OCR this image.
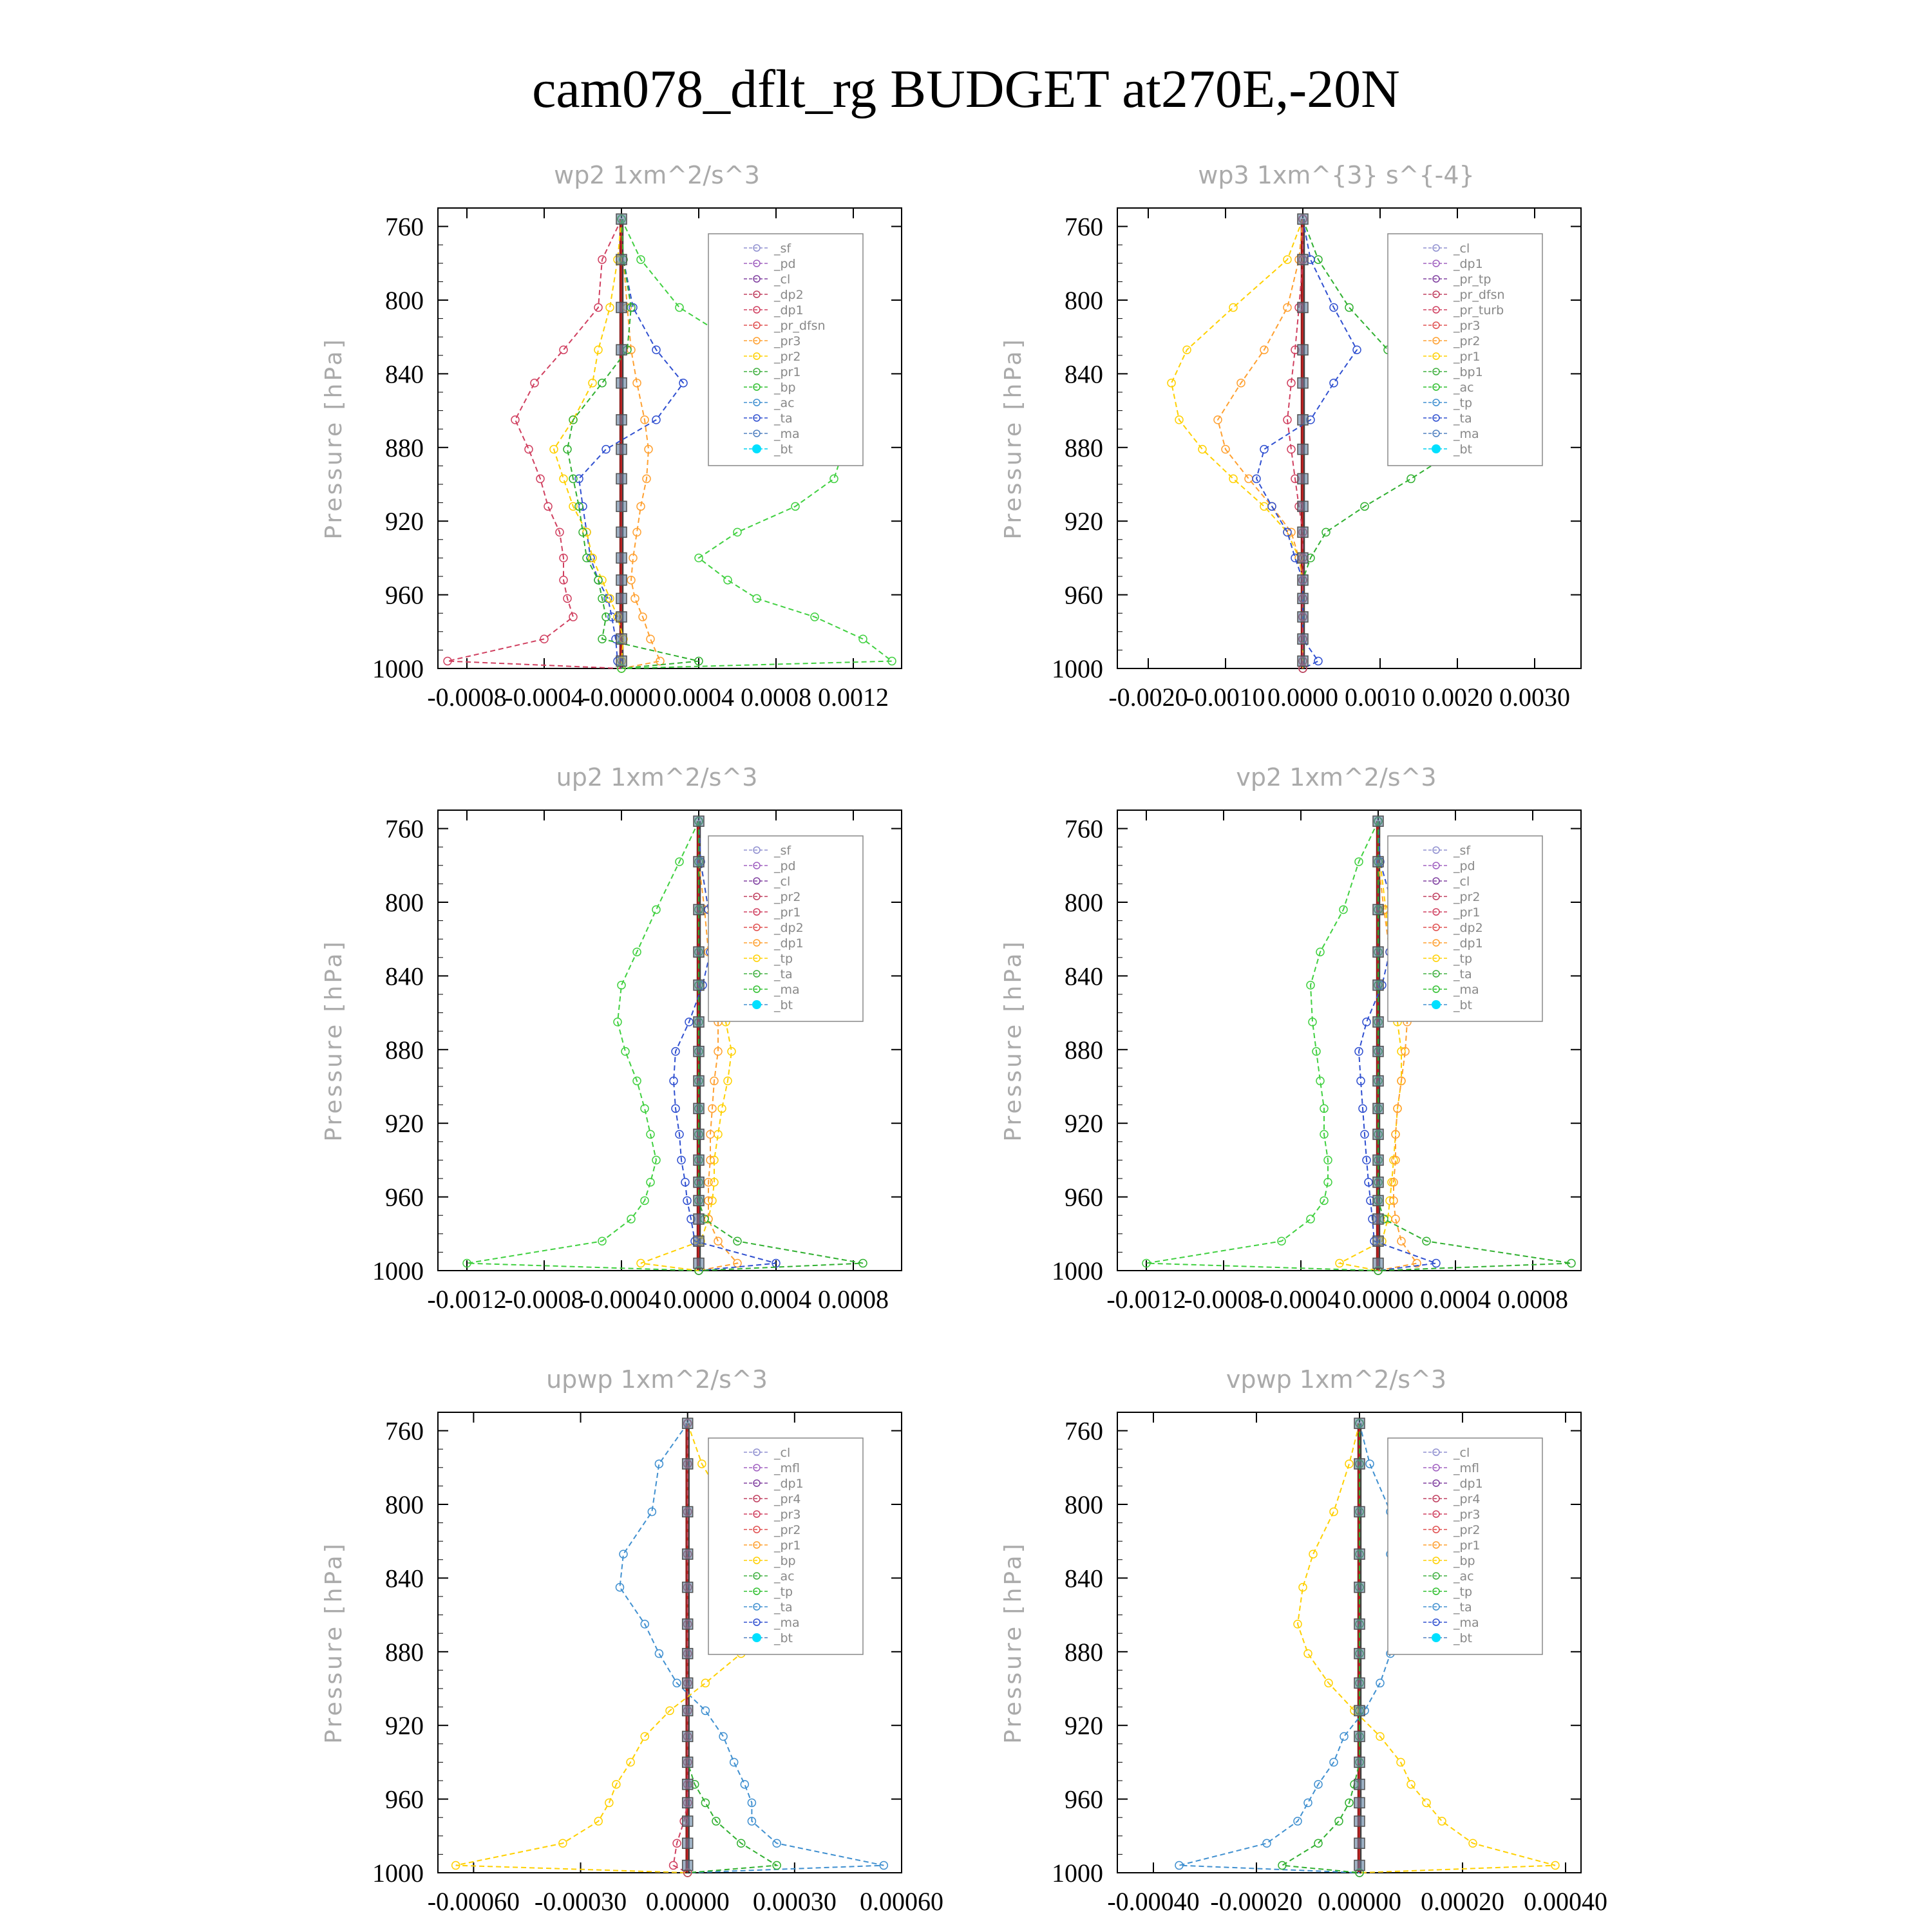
cam078_dflt_rg BUDGET at270E,-20N
wp2 1xm^2/s^3
Pressure [hPa]
760
800
840
880
920
960
1000
-0.0008
-0.0004
-0.0000 0.0004 0.0008 0.0012
_sf
_pd
_cl
_dp2
_dp1
_pr_dfsn
_pr3
_pr2
_pr1
_bp
_ac
_ta
_ma
_bt
wp3 1xm^{3} s^{-4}
Pressure [hPa]
760
800
840
880
920
960
1000
-0.0020
-0.0010 0.0000 0.0010 0.0020 0.0030
_cl
_dp1
_pr_tp
_pr_dfsn
_pr_turb
_pr3
_pr2
_pr1
_bp1
_ac
_tp
_ta
_ma
_bt
up2 1xm^2/s^3
Pressure [hPa]
760
800
840
880
920
960
1000
-0.0012
-0.0008
-0.0004 0.0000 0.0004 0.0008
_sf
_pd
_cl
_pr2
_pr1
_dp2
_dp1
_tp
_ta
_ma
_bt
vp2 1xm^2/s^3
Pressure [hPa]
760
800
840
880
920
960
1000
-0.0012
-0.0008
-0.0004 0.0000 0.0004 0.0008
_sf
_pd
_cl
_pr2
_pr1
_dp2
_dp1
_tp
_ta
_ma
_bt
upwp 1xm^2/s^3
Pressure [hPa]
760
800
840
880
920
960
1000
-0.00060 -0.00030 0.00000 0.00030 0.00060
_cl
_mfl
_dp1
_pr4
_pr3
_pr2
_pr1
_bp
_ac
_tp
_ta
_ma
_bt
vpwp 1xm^2/s^3
Pressure [hPa]
760
800
840
880
920
960
1000
-0.00040 -0.00020 0.00000 0.00020 0.00040
_cl
_mfl
_dp1
_pr4
_pr3
_pr2
_pr1
_bp
_ac
_tp
_ta
_ma
_bt
